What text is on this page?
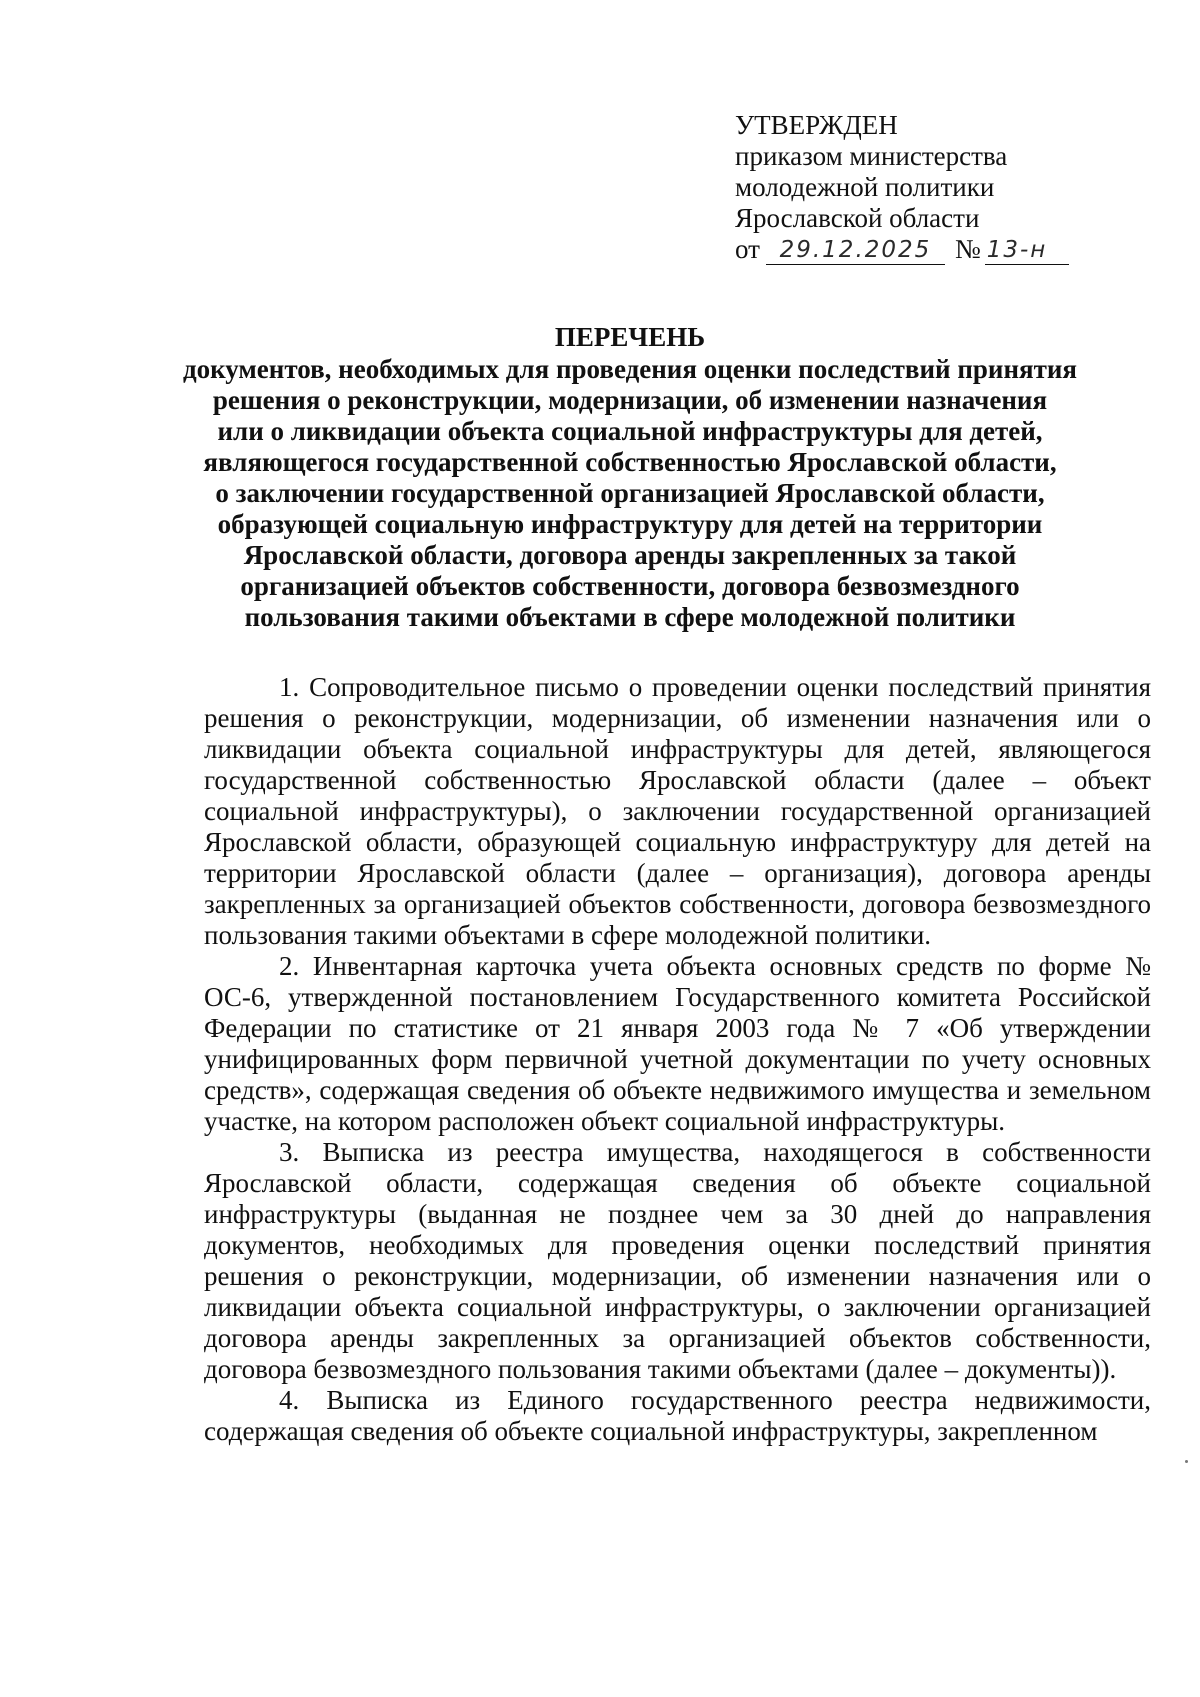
УТВЕРЖДЕН
приказом министерства
молодежной политики
Ярославской области
от 29.12.2025 № 13-н
ПЕРЕЧЕНЬ
документов, необходимых для проведения оценки последствий принятия
решения о реконструкции, модернизации, об изменении назначения
или о ликвидации объекта социальной инфраструктуры для детей,
являющегося государственной собственностью Ярославской области,
о заключении государственной организацией Ярославской области,
образующей социальную инфраструктуру для детей на территории
Ярославской области, договора аренды закрепленных за такой
организацией объектов собственности, договора безвозмездного
пользования такими объектами в сфере молодежной политики

1. Сопроводительное письмо о проведении оценки последствий принятия решения о реконструкции, модернизации, об изменении назначения или о ликвидации объекта социальной инфраструктуры для детей, являющегося государственной собственностью Ярославской области (далее – объект социальной инфраструктуры), о заключении государственной организацией Ярославской области, образующей социальную инфраструктуру для детей на территории Ярославской области (далее – организация), договора аренды закрепленных за организацией объектов собственности, договора безвозмездного пользования такими объектами в сфере молодежной политики.

2. Инвентарная карточка учета объекта основных средств по форме № ОС-6, утвержденной постановлением Государственного комитета Российской Федерации по статистике от 21 января 2003 года № 7 «Об утверждении унифицированных форм первичной учетной документации по учету основных средств», содержащая сведения об объекте недвижимого имущества и земельном участке, на котором расположен объект социальной инфраструктуры.

3. Выписка из реестра имущества, находящегося в собственности Ярославской области, содержащая сведения об объекте социальной инфраструктуры (выданная не позднее чем за 30 дней до направления документов, необходимых для проведения оценки последствий принятия решения о реконструкции, модернизации, об изменении назначения или о ликвидации объекта социальной инфраструктуры, о заключении организацией договора аренды закрепленных за организацией объектов собственности, договора безвозмездного пользования такими объектами (далее – документы)).

4. Выписка из Единого государственного реестра недвижимости, содержащая сведения об объекте социальной инфраструктуры, закрепленном
